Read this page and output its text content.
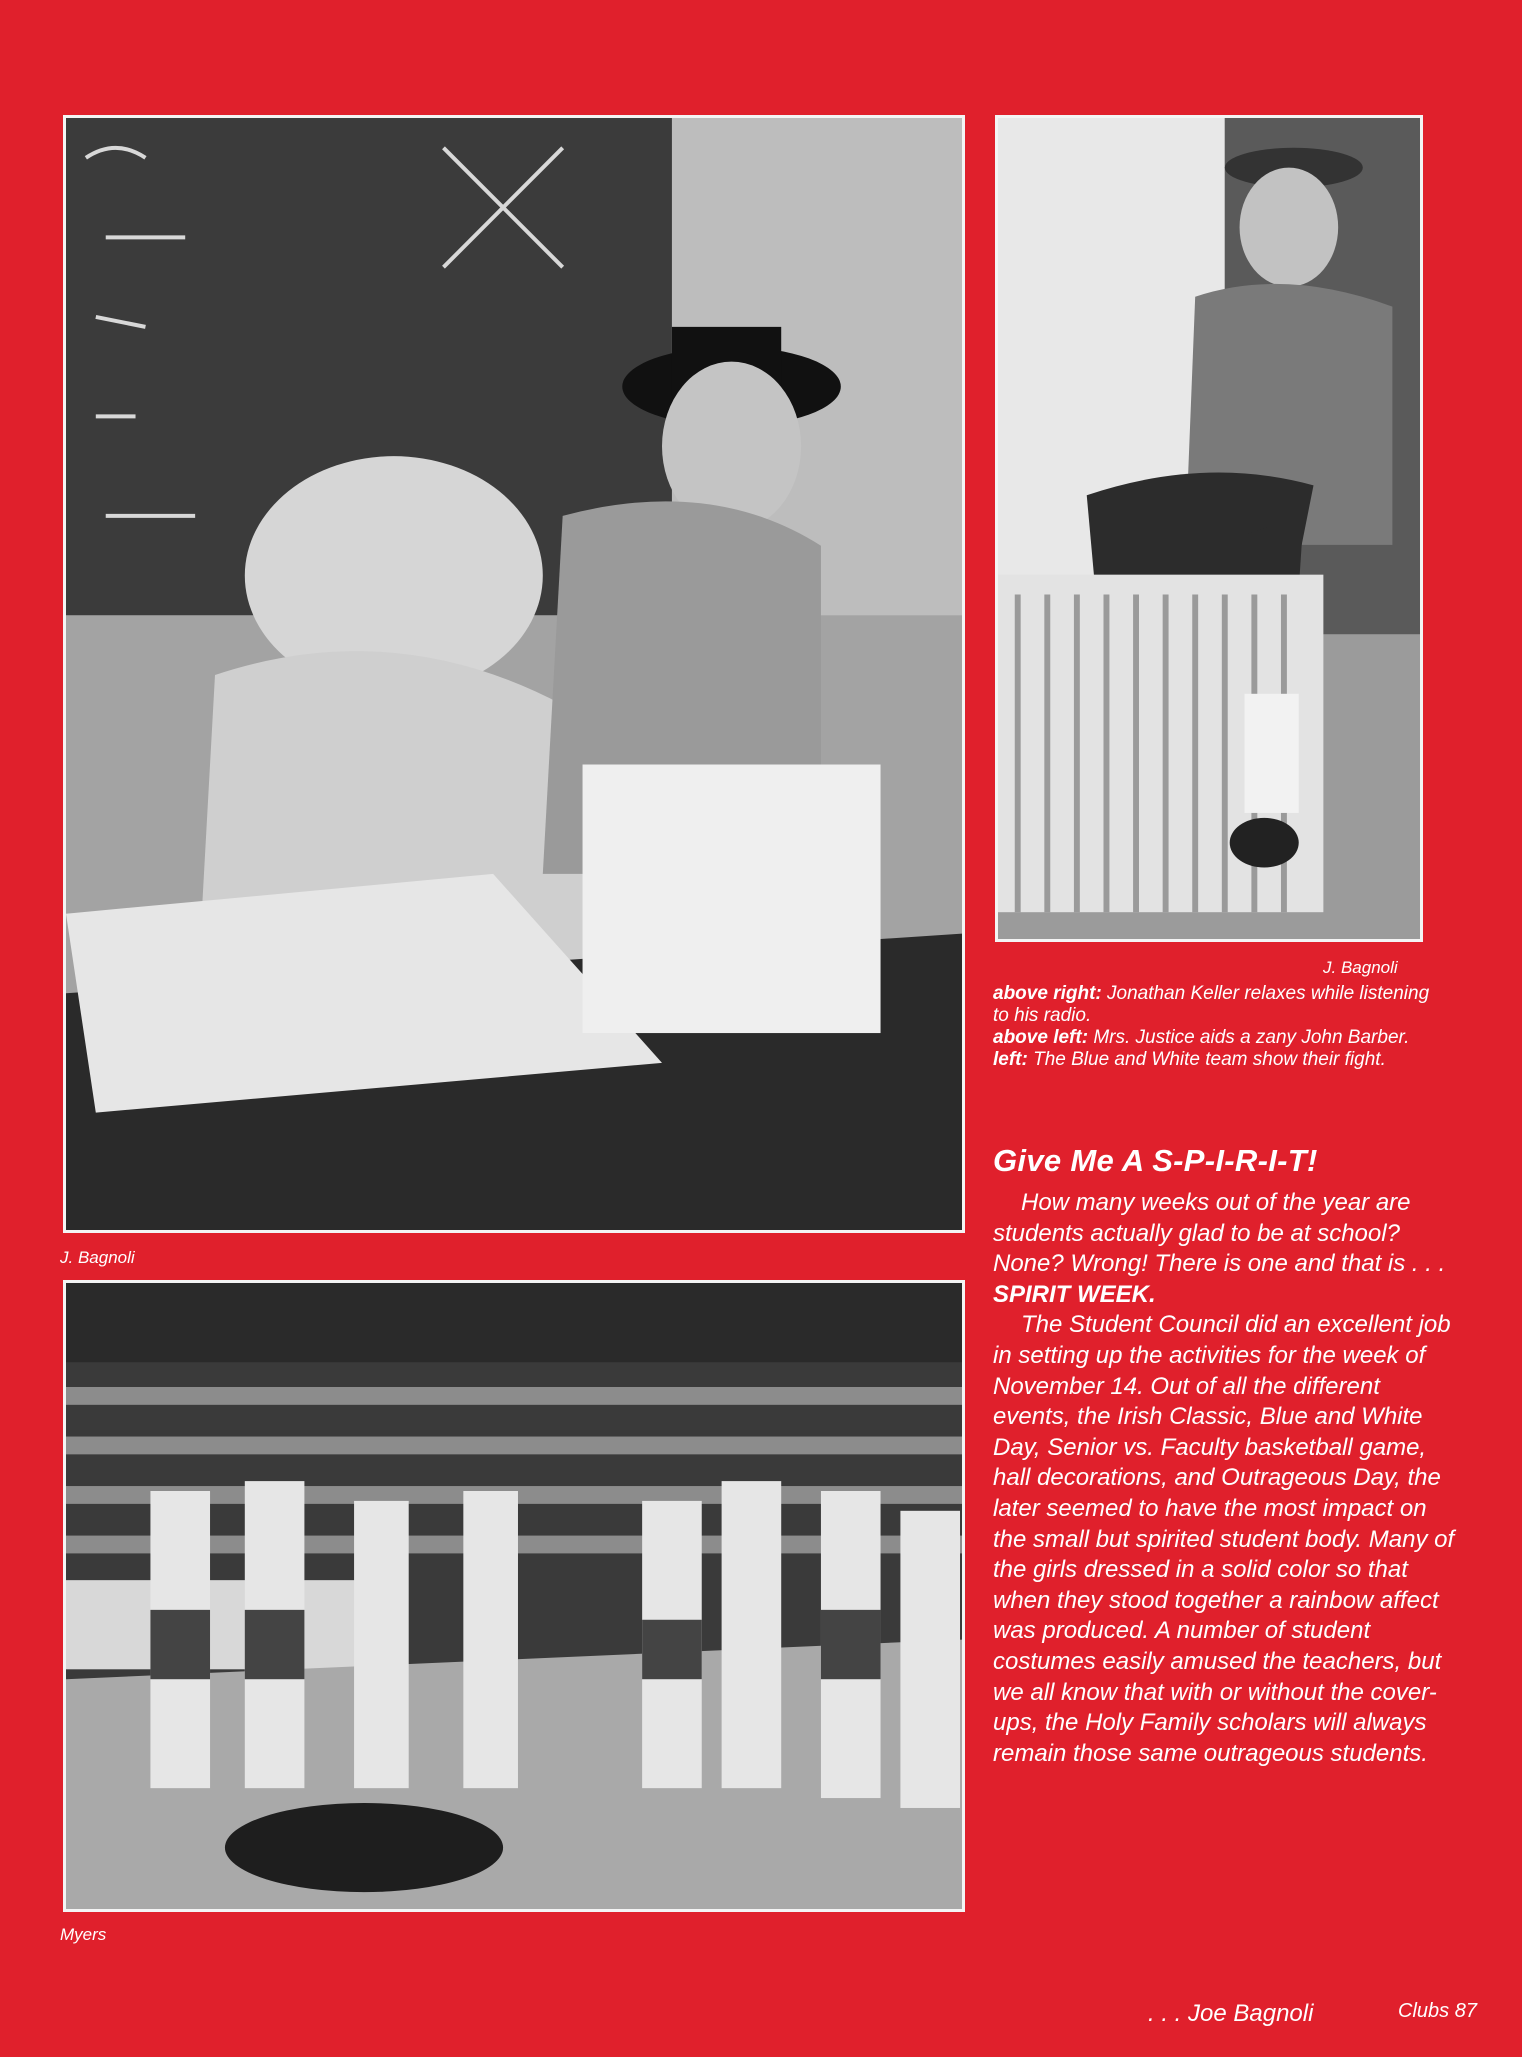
J. Bagnoli
J. Bagnoli
above right: Jonathan Keller relaxes while listening to his radio.
above left: Mrs. Justice aids a zany John Barber.
left: The Blue and White team show their fight.
Give Me A S-P-I-R-I-T!

How many weeks out of the year are students actually glad to be at school? None? Wrong! There is one and that is . . .
SPIRIT WEEK.

The Student Council did an excellent job in setting up the activities for the week of November 14. Out of all the different events, the Irish Classic, Blue and White Day, Senior vs. Faculty basketball game, hall decorations, and Outrageous Day, the later seemed to have the most impact on the small but spirited student body. Many of the girls dressed in a solid color so that when they stood together a rainbow affect was produced. A number of student costumes easily amused the teachers, but we all know that with or without the cover-ups, the Holy Family scholars will always remain those same outrageous students.

. . . Joe Bagnoli
Myers
Clubs 87
